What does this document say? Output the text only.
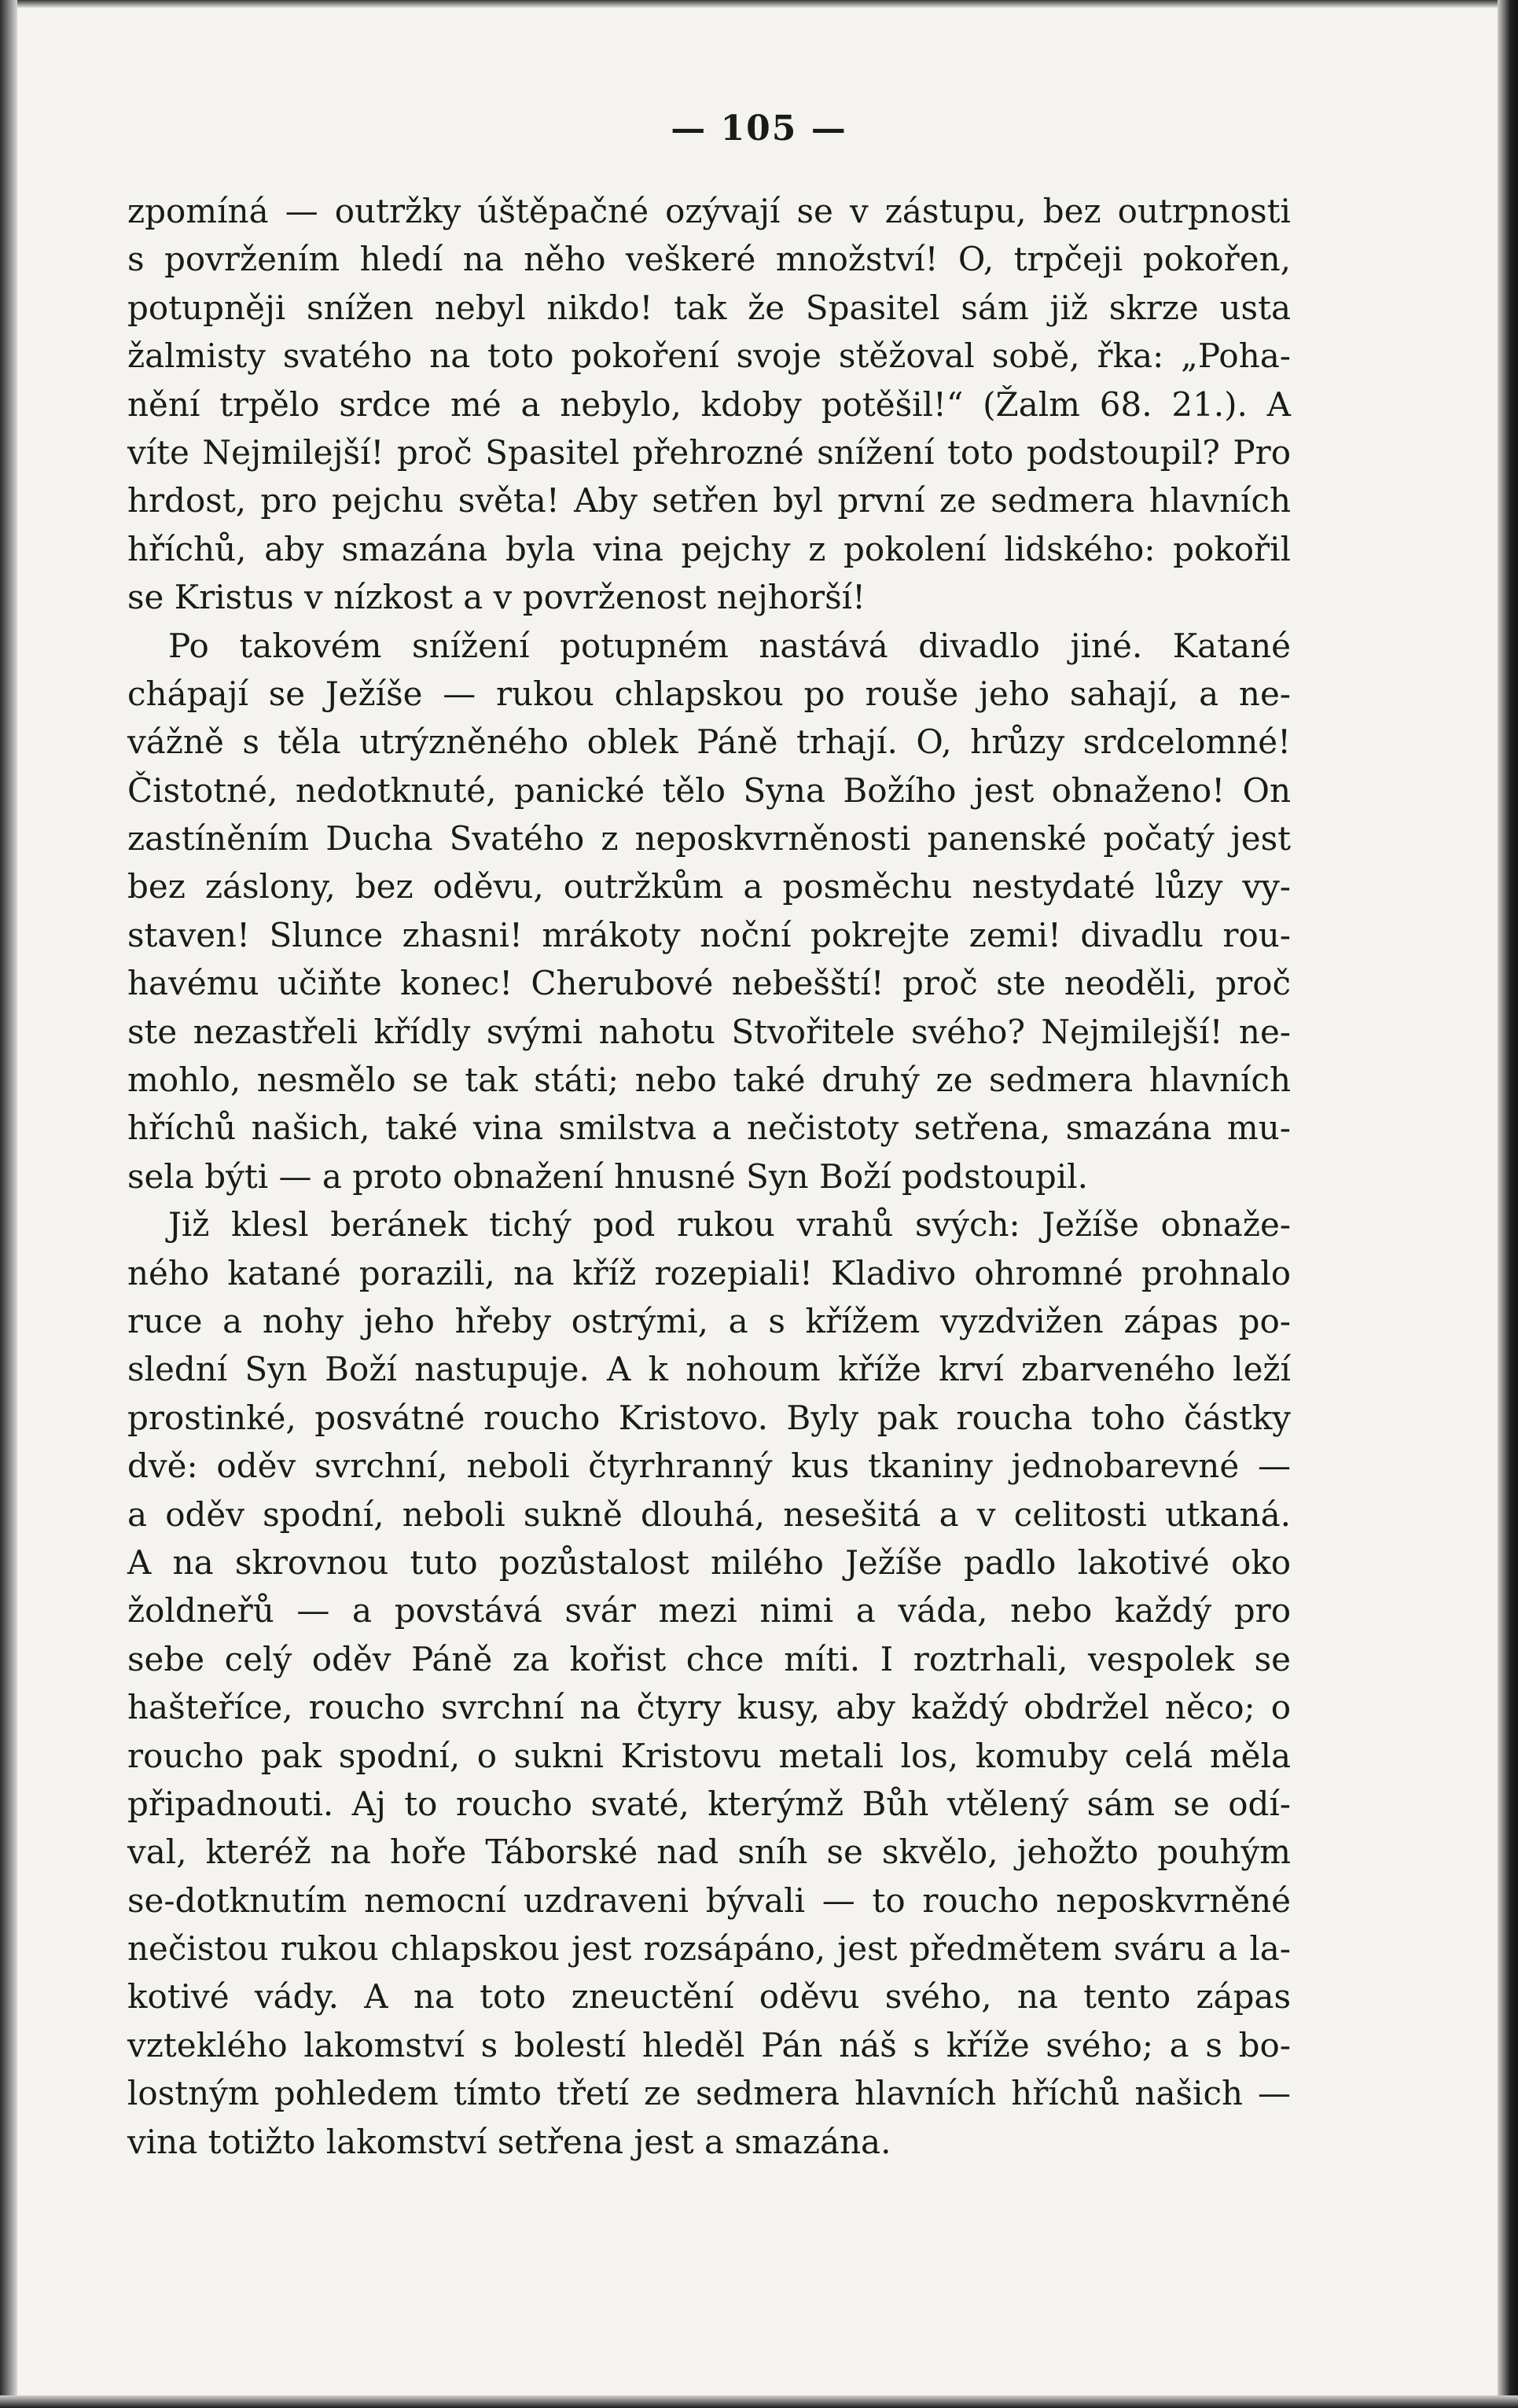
— 105 —
zpomíná — outržky úštěpačné ozývají se v zástupu, bez outrpnosti
s povržením hledí na něho veškeré množství! O, trpčeji pokořen,
potupněji snížen nebyl nikdo! tak že Spasitel sám již skrze usta
žalmisty svatého na toto pokoření svoje stěžoval sobě, řka: „Poha-
nění trpělo srdce mé a nebylo, kdoby potěšil!“ (Žalm 68. 21.). A
víte Nejmilejší! proč Spasitel přehrozné snížení toto podstoupil? Pro
hrdost, pro pejchu světa! Aby setřen byl první ze sedmera hlavních
hříchů, aby smazána byla vina pejchy z pokolení lidského: pokořil
se Kristus v nízkost a v povrženost nejhorší!
Po takovém snížení potupném nastává divadlo jiné. Katané
chápají se Ježíše — rukou chlapskou po rouše jeho sahají, a ne-
vážně s těla utrýzněného oblek Páně trhají. O, hrůzy srdcelomné!
Čistotné, nedotknuté, panické tělo Syna Božího jest obnaženo! On
zastíněním Ducha Svatého z neposkvrněnosti panenské počatý jest
bez záslony, bez oděvu, outržkům a posměchu nestydaté lůzy vy-
staven! Slunce zhasni! mrákoty noční pokrejte zemi! divadlu rou-
havému učiňte konec! Cherubové nebešští! proč ste neoděli, proč
ste nezastřeli křídly svými nahotu Stvořitele svého? Nejmilejší! ne-
mohlo, nesmělo se tak státi; nebo také druhý ze sedmera hlavních
hříchů našich, také vina smilstva a nečistoty setřena, smazána mu-
sela býti — a proto obnažení hnusné Syn Boží podstoupil.
Již klesl beránek tichý pod rukou vrahů svých: Ježíše obnaže-
ného katané porazili, na kříž rozepiali! Kladivo ohromné prohnalo
ruce a nohy jeho hřeby ostrými, a s křížem vyzdvižen zápas po-
slední Syn Boží nastupuje. A k nohoum kříže krví zbarveného leží
prostinké, posvátné roucho Kristovo. Byly pak roucha toho částky
dvě: oděv svrchní, neboli čtyrhranný kus tkaniny jednobarevné —
a oděv spodní, neboli sukně dlouhá, nesešitá a v celitosti utkaná.
A na skrovnou tuto pozůstalost milého Ježíše padlo lakotivé oko
žoldneřů — a povstává svár mezi nimi a váda, nebo každý pro
sebe celý oděv Páně za kořist chce míti. I roztrhali, vespolek se
hašteříce, roucho svrchní na čtyry kusy, aby každý obdržel něco; o
roucho pak spodní, o sukni Kristovu metali los, komuby celá měla
připadnouti. Aj to roucho svaté, kterýmž Bůh vtělený sám se odí-
val, kteréž na hoře Táborské nad sníh se skvělo, jehožto pouhým
se-dotknutím nemocní uzdraveni bývali — to roucho neposkvrněné
nečistou rukou chlapskou jest rozsápáno, jest předmětem sváru a la-
kotivé vády. A na toto zneuctění oděvu svého, na tento zápas
vzteklého lakomství s bolestí hleděl Pán náš s kříže svého; a s bo-
lostným pohledem tímto třetí ze sedmera hlavních hříchů našich —
vina totižto lakomství setřena jest a smazána.
